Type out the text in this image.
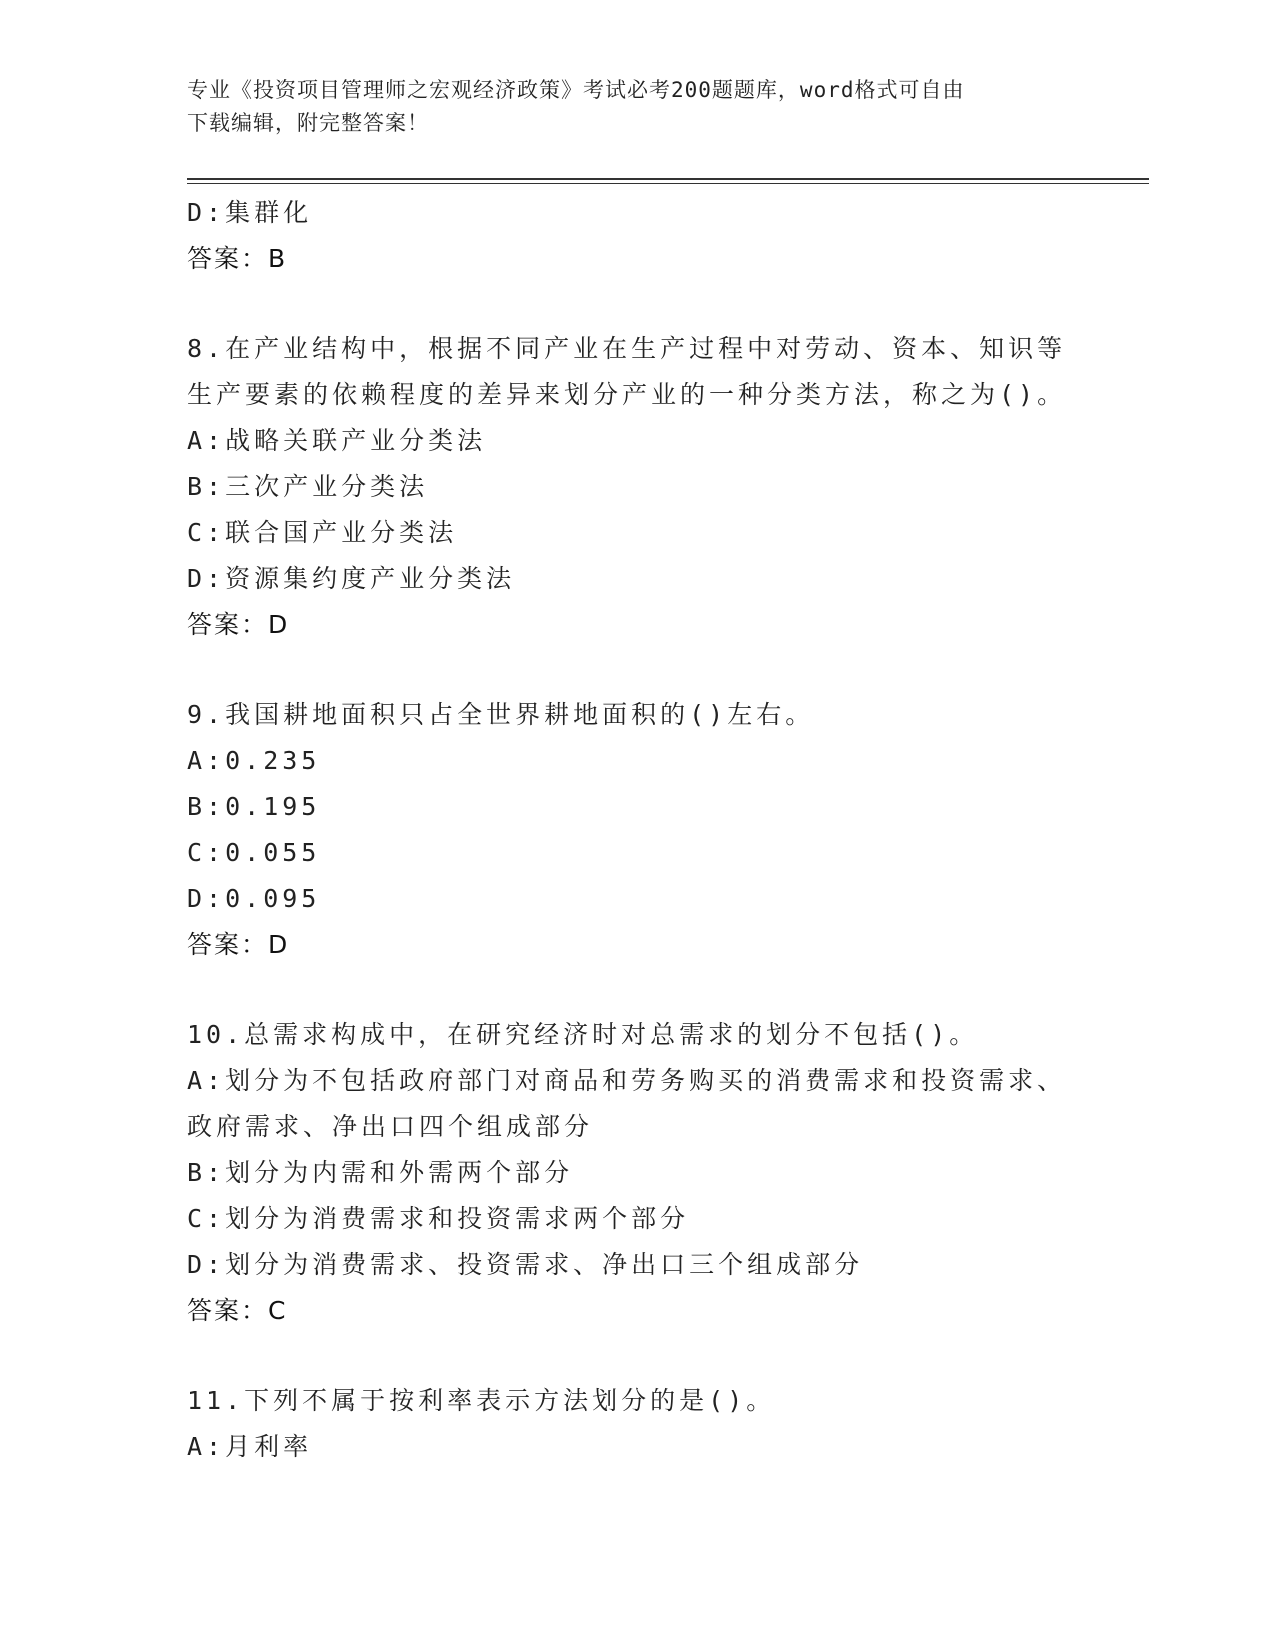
专业《投资项目管理师之宏观经济政策》考试必考200题题库，word格式可自由
下载编辑，附完整答案！
D:集群化
答案：B
8.在产业结构中，根据不同产业在生产过程中对劳动、资本、知识等
生产要素的依赖程度的差异来划分产业的一种分类方法，称之为()。
A:战略关联产业分类法
B:三次产业分类法
C:联合国产业分类法
D:资源集约度产业分类法
答案：D
9.我国耕地面积只占全世界耕地面积的()左右。
A:0.235
B:0.195
C:0.055
D:0.095
答案：D
10.总需求构成中，在研究经济时对总需求的划分不包括()。
A:划分为不包括政府部门对商品和劳务购买的消费需求和投资需求、
政府需求、净出口四个组成部分
B:划分为内需和外需两个部分
C:划分为消费需求和投资需求两个部分
D:划分为消费需求、投资需求、净出口三个组成部分
答案：C
11.下列不属于按利率表示方法划分的是()。
A:月利率
